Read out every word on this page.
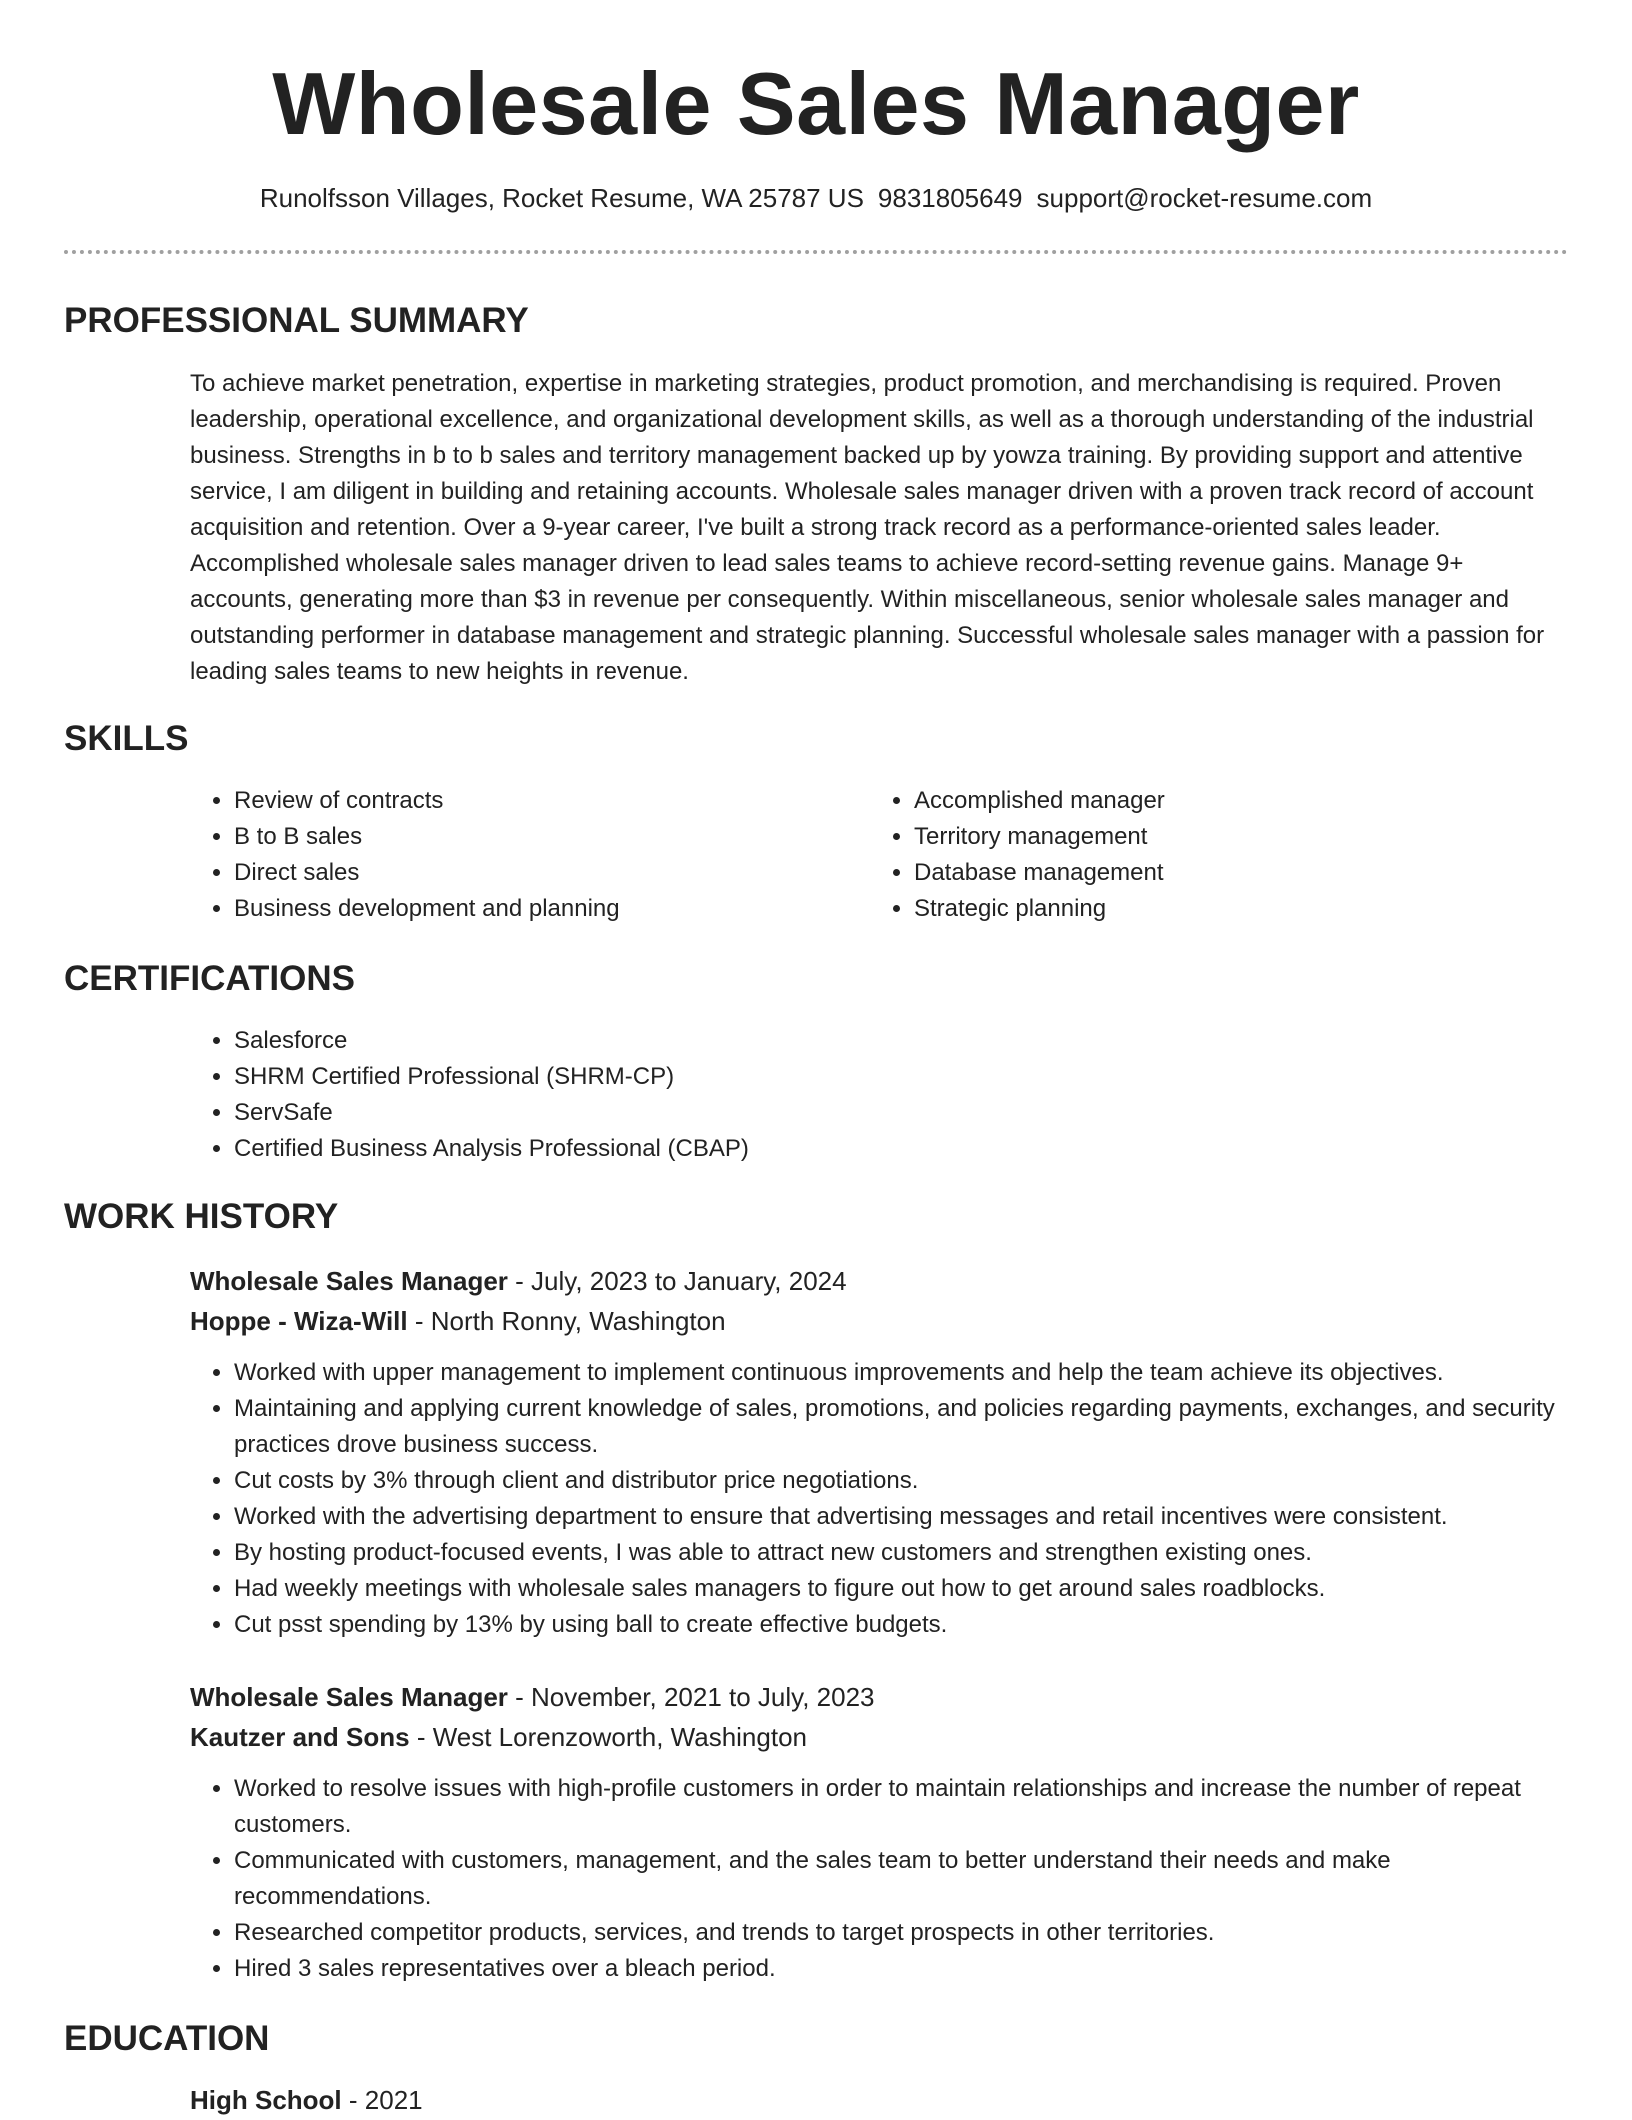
Wholesale Sales Manager
Runolfsson Villages, Rocket Resume, WA 25787 US 9831805649 support@rocket-resume.com
PROFESSIONAL SUMMARY
To achieve market penetration, expertise in marketing strategies, product promotion, and merchandising is required. Proven leadership, operational excellence, and organizational development skills, as well as a thorough understanding of the industrial business. Strengths in b to b sales and territory management backed up by yowza training. By providing support and attentive service, I am diligent in building and retaining accounts. Wholesale sales manager driven with a proven track record of account acquisition and retention. Over a 9-year career, I've built a strong track record as a performance-oriented sales leader. Accomplished wholesale sales manager driven to lead sales teams to achieve record-setting revenue gains. Manage 9+ accounts, generating more than $3 in revenue per consequently. Within miscellaneous, senior wholesale sales manager and outstanding performer in database management and strategic planning. Successful wholesale sales manager with a passion for leading sales teams to new heights in revenue.
SKILLS
• Review of contracts
• B to B sales
• Direct sales
• Business development and planning
• Accomplished manager
• Territory management
• Database management
• Strategic planning
CERTIFICATIONS
• Salesforce
• SHRM Certified Professional (SHRM-CP)
• ServSafe
• Certified Business Analysis Professional (CBAP)
WORK HISTORY
Wholesale Sales Manager - July, 2023 to January, 2024
Hoppe - Wiza-Will - North Ronny, Washington
• Worked with upper management to implement continuous improvements and help the team achieve its objectives.
• Maintaining and applying current knowledge of sales, promotions, and policies regarding payments, exchanges, and security practices drove business success.
• Cut costs by 3% through client and distributor price negotiations.
• Worked with the advertising department to ensure that advertising messages and retail incentives were consistent.
• By hosting product-focused events, I was able to attract new customers and strengthen existing ones.
• Had weekly meetings with wholesale sales managers to figure out how to get around sales roadblocks.
• Cut psst spending by 13% by using ball to create effective budgets.
Wholesale Sales Manager - November, 2021 to July, 2023
Kautzer and Sons - West Lorenzoworth, Washington
• Worked to resolve issues with high-profile customers in order to maintain relationships and increase the number of repeat customers.
• Communicated with customers, management, and the sales team to better understand their needs and make recommendations.
• Researched competitor products, services, and trends to target prospects in other territories.
• Hired 3 sales representatives over a bleach period.
EDUCATION
High School - 2021
